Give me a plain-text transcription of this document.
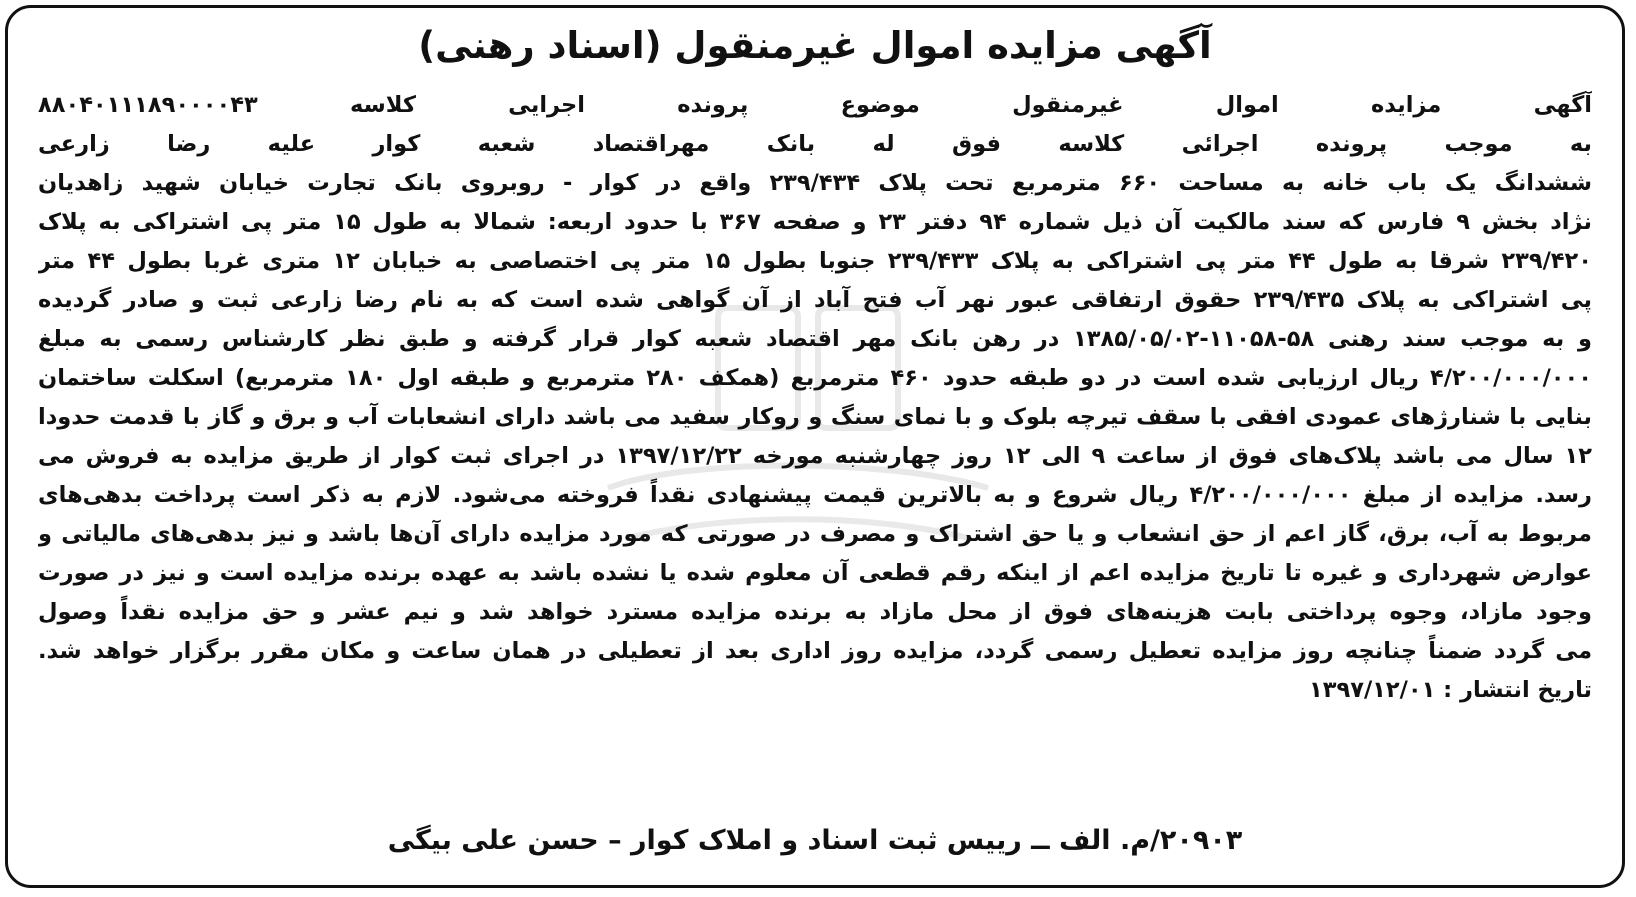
آگهی مزایده اموال غیرمنقول (اسناد رهنی)
آگهی مزایده اموال غیرمنقول موضوع پرونده اجرایی کلاسه ۸۸۰۴۰۱۱۱۸۹۰۰۰۰۴۳
به موجب پرونده اجرائی کلاسه فوق له بانک مهراقتصاد شعبه کوار علیه رضا زارعی
ششدانگ یک باب خانه به مساحت ۶۶۰ مترمربع تحت پلاک ۲۳۹/۴۳۴ واقع در کوار - روبروی بانک تجارت خیابان شهید زاهدیان
نژاد بخش ۹ فارس که سند مالکیت آن ذیل شماره ۹۴ دفتر ۲۳ و صفحه ۳۶۷ با حدود اربعه: شمالا به طول ۱۵ متر پی اشتراکی به پلاک
۲۳۹/۴۲۰ شرقا به طول ۴۴ متر پی اشتراکی به پلاک ۲۳۹/۴۳۳ جنوبا بطول ۱۵ متر پی اختصاصی به خیابان ۱۲ متری غربا بطول ۴۴ متر
پی اشتراکی به پلاک ۲۳۹/۴۳۵ حقوق ارتفاقی عبور نهر آب فتح آباد از آن گواهی شده است که به نام رضا زارعی ثبت و صادر گردیده
و به موجب سند رهنی ۵۸-۱۱۰۵۸-۱۳۸۵/۰۵/۰۲ در رهن بانک مهر اقتصاد شعبه کوار قرار گرفته و طبق نظر کارشناس رسمی به مبلغ
۴/۲۰۰/۰۰۰/۰۰۰ ریال ارزیابی شده است در دو طبقه حدود ۴۶۰ مترمربع (همکف ۲۸۰ مترمربع و طبقه اول ۱۸۰ مترمربع) اسکلت ساختمان
بنایی با شنارژهای عمودی افقی با سقف تیرچه بلوک و با نمای سنگ و روکار سفید می باشد دارای انشعابات آب و برق و گاز با قدمت حدودا
۱۲ سال می باشد پلاک‌های فوق از ساعت ۹ الی ۱۲ روز چهارشنبه مورخه ۱۳۹۷/۱۲/۲۲ در اجرای ثبت کوار از طریق مزایده به فروش می
رسد. مزایده از مبلغ ۴/۲۰۰/۰۰۰/۰۰۰ ریال شروع و به بالاترین قیمت پیشنهادی نقداً فروخته می‌شود. لازم به ذکر است پرداخت بدهی‌های
مربوط به آب، برق، گاز اعم از حق انشعاب و یا حق اشتراک و مصرف در صورتی که مورد مزایده دارای آن‌ها باشد و نیز بدهی‌های مالیاتی و
عوارض شهرداری و غیره تا تاریخ مزایده اعم از اینکه رقم قطعی آن معلوم شده یا نشده باشد به عهده برنده مزایده است و نیز در صورت
وجود مازاد، وجوه پرداختی بابت هزینه‌های فوق از محل مازاد به برنده مزایده مسترد خواهد شد و نیم عشر و حق مزایده نقداً وصول
می گردد ضمناً چنانچه روز مزایده تعطیل رسمی گردد، مزایده روز اداری بعد از تعطیلی در همان ساعت و مکان مقرر برگزار خواهد شد.
تاریخ انتشار : ۱۳۹۷/۱۲/۰۱
۲۰۹۰۳/م. الف ــ رییس ثبت اسناد و املاک کوار – حسن علی بیگی
